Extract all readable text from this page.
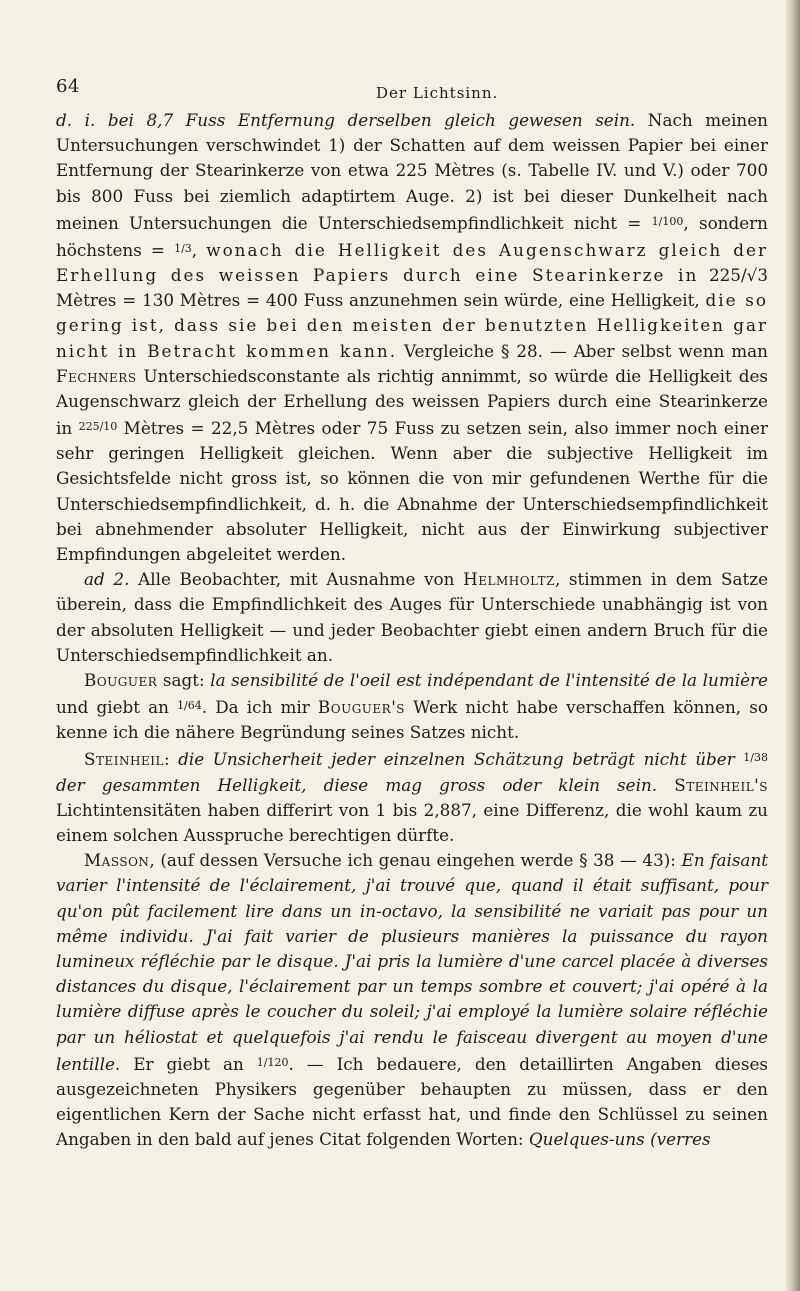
64	Der Lichtsinn.

d. i. bei 8,7 Fuss Entfernung derselben gleich gewesen sein. Nach meinen Untersuchungen verschwindet 1) der Schatten auf dem weissen Papier bei einer Entfernung der Stearinkerze von etwa 225 Mètres (s. Tabelle IV. und V.) oder 700 bis 800 Fuss bei ziemlich adaptirtem Auge. 2) ist bei dieser Dunkelheit nach meinen Untersuchungen die Unterschiedsempfindlichkeit nicht = $^{1/100}$, sondern höchstens = $^{1/3}$, wonach die Helligkeit des Augenschwarz gleich der Erhellung des weissen Papiers durch eine Stearinkerze in 225/√3 Mètres = 130 Mètres = 400 Fuss anzunehmen sein würde, eine Helligkeit, die so gering ist, dass sie bei den meisten der benutzten Helligkeiten gar nicht in Betracht kommen kann. Vergleiche § 28. — Aber selbst wenn man Fechners Unterschiedsconstante als richtig annimmt, so würde die Helligkeit des Augenschwarz gleich der Erhellung des weissen Papiers durch eine Stearinkerze in $^{225/10}$ Mètres = 22,5 Mètres oder 75 Fuss zu setzen sein, also immer noch einer sehr geringen Helligkeit gleichen. Wenn aber die subjective Helligkeit im Gesichtsfelde nicht gross ist, so können die von mir gefundenen Werthe für die Unterschiedsempfindlichkeit, d. h. die Abnahme der Unterschiedsempfindlichkeit bei abnehmender absoluter Helligkeit, nicht aus der Einwirkung subjectiver Empfindungen abgeleitet werden.

ad 2. Alle Beobachter, mit Ausnahme von Helmholtz, stimmen in dem Satze überein, dass die Empfindlichkeit des Auges für Unterschiede unabhängig ist von der absoluten Helligkeit — und jeder Beobachter giebt einen andern Bruch für die Unterschiedsempfindlichkeit an.

Bouguer sagt: la sensibilité de l'oeil est indépendant de l'intensité de la lumière und giebt an $^{1/64}$. Da ich mir Bouguer's Werk nicht habe verschaffen können, so kenne ich die nähere Begründung seines Satzes nicht.

Steinheil: die Unsicherheit jeder einzelnen Schätzung beträgt nicht über $^{1/38}$ der gesammten Helligkeit, diese mag gross oder klein sein. Steinheil's Lichtintensitäten haben differirt von 1 bis 2,887, eine Differenz, die wohl kaum zu einem solchen Ausspruche berechtigen dürfte.

Masson, (auf dessen Versuche ich genau eingehen werde § 38 — 43): En faisant varier l'intensité de l'éclairement, j'ai trouvé que, quand il était suffisant, pour qu'on pût facilement lire dans un in-octavo, la sensibilité ne variait pas pour un même individu. J'ai fait varier de plusieurs manières la puissance du rayon lumineux réfléchie par le disque. J'ai pris la lumière d'une carcel placée à diverses distances du disque, l'éclairement par un temps sombre et couvert; j'ai opéré à la lumière diffuse après le coucher du soleil; j'ai employé la lumière solaire réfléchie par un héliostat et quelquefois j'ai rendu le faisceau divergent au moyen d'une lentille. Er giebt an $^{1/120}$. — Ich bedauere, den detaillirten Angaben dieses ausgezeichneten Physikers gegenüber behaupten zu müssen, dass er den eigentlichen Kern der Sache nicht erfasst hat, und finde den Schlüssel zu seinen Angaben in den bald auf jenes Citat folgenden Worten: Quelques-uns (verres
